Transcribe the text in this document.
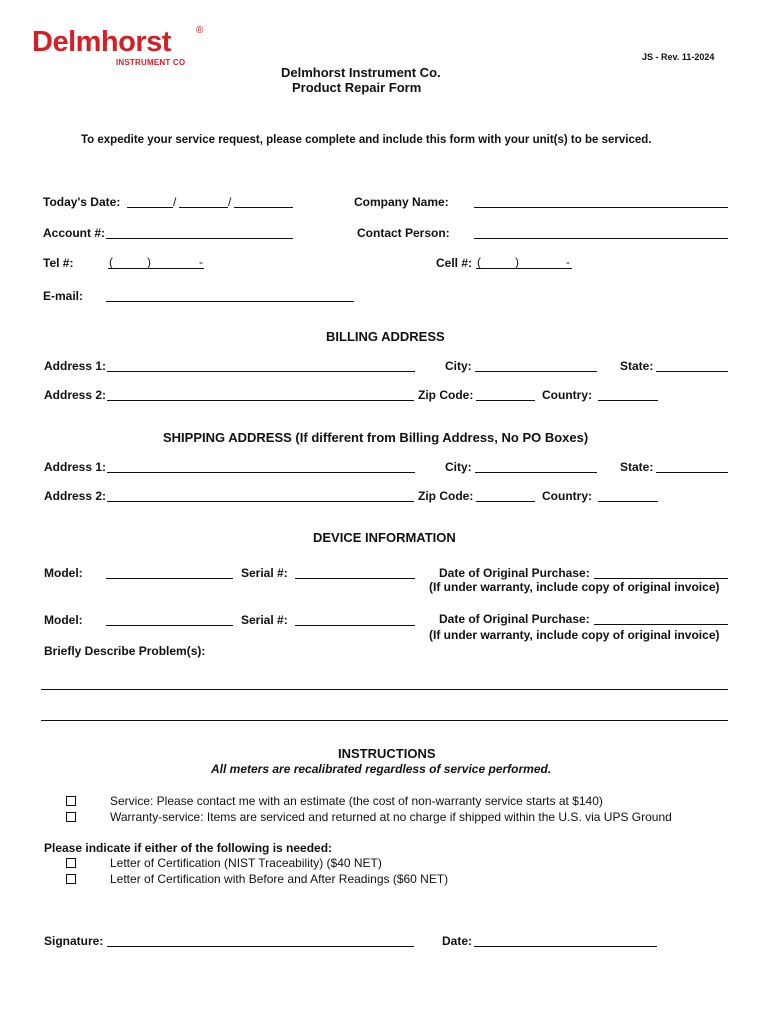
Delmhorst	®
INSTRUMENT CO
JS - Rev. 11-2024
Delmhorst Instrument Co.
Product Repair Form
To expedite your service request, please complete and include this form with your unit(s) to be serviced.
Today's Date:	/	/	Company Name:
Account #:	Contact Person:
Tel #:	(	)	-	Cell #: (	)	-
E-mail:
BILLING ADDRESS
Address 1:	City:	State:
Address 2:	Zip Code:	Country:
SHIPPING ADDRESS (If different from Billing Address, No PO Boxes)
Address 1:	City:	State:
Address 2:	Zip Code:	Country:
DEVICE INFORMATION
Model:	Serial #:	Date of Original Purchase:
(If under warranty, include copy of original invoice)
Model:	Serial #:	Date of Original Purchase:
(If under warranty, include copy of original invoice)
Briefly Describe Problem(s):
INSTRUCTIONS
All meters are recalibrated regardless of service performed.
Service: Please contact me with an estimate (the cost of non-warranty service starts at $140)
Warranty-service: Items are serviced and returned at no charge if shipped within the U.S. via UPS Ground
Please indicate if either of the following is needed:
Letter of Certification (NIST Traceability) ($40 NET)
Letter of Certification with Before and After Readings ($60 NET)
Signature:	Date:
